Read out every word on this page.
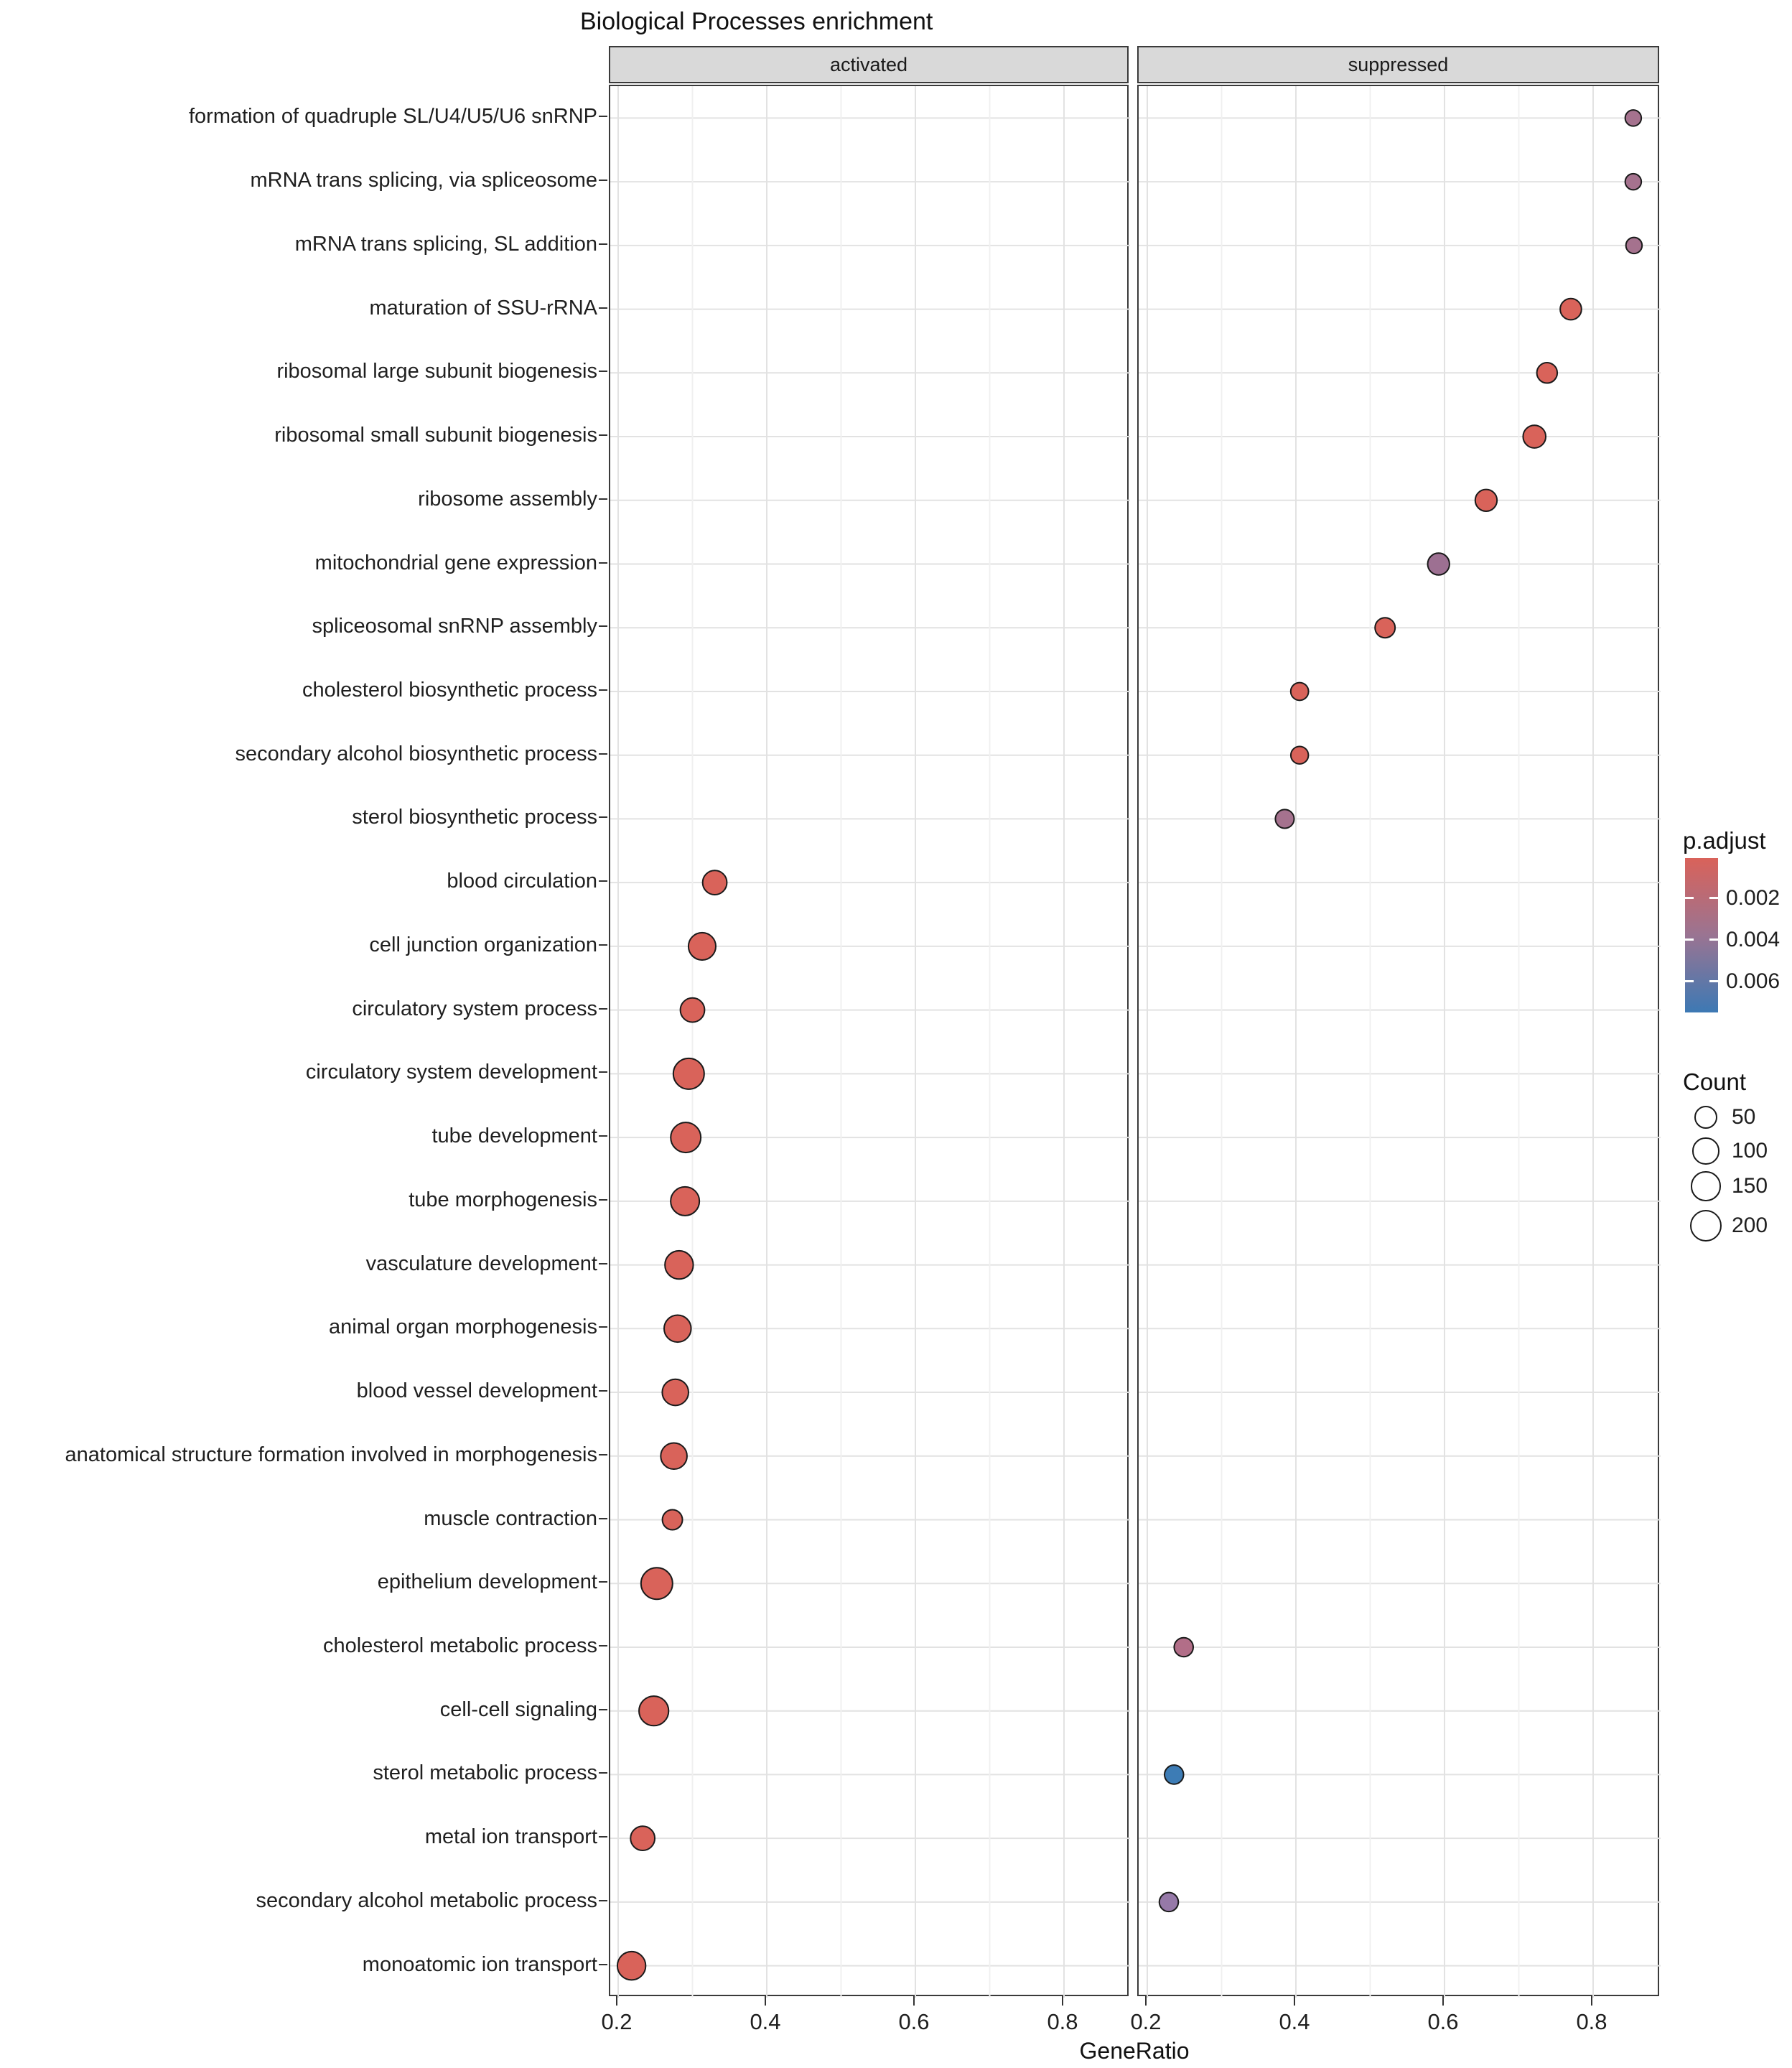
Biological Processes enrichment
activated	suppressed
formation of quadruple SL/U4/U5/U6 snRNP
mRNA trans splicing, via spliceosome
mRNA trans splicing, SL addition
maturation of SSU-rRNA
ribosomal large subunit biogenesis
ribosomal small subunit biogenesis
ribosome assembly
mitochondrial gene expression
spliceosomal snRNP assembly
cholesterol biosynthetic process
secondary alcohol biosynthetic process
sterol biosynthetic process
blood circulation
cell junction organization
circulatory system process
circulatory system development
tube development
tube morphogenesis
vasculature development
animal organ morphogenesis
blood vessel development
anatomical structure formation involved in morphogenesis
muscle contraction
epithelium development
cholesterol metabolic process
cell-cell signaling
sterol metabolic process
metal ion transport
secondary alcohol metabolic process
monoatomic ion transport
0.2	0.4	0.6	0.8	0.2	0.4	0.6	0.8
GeneRatio
p.adjust
0.002
0.004
0.006
Count
50
100
150
200
